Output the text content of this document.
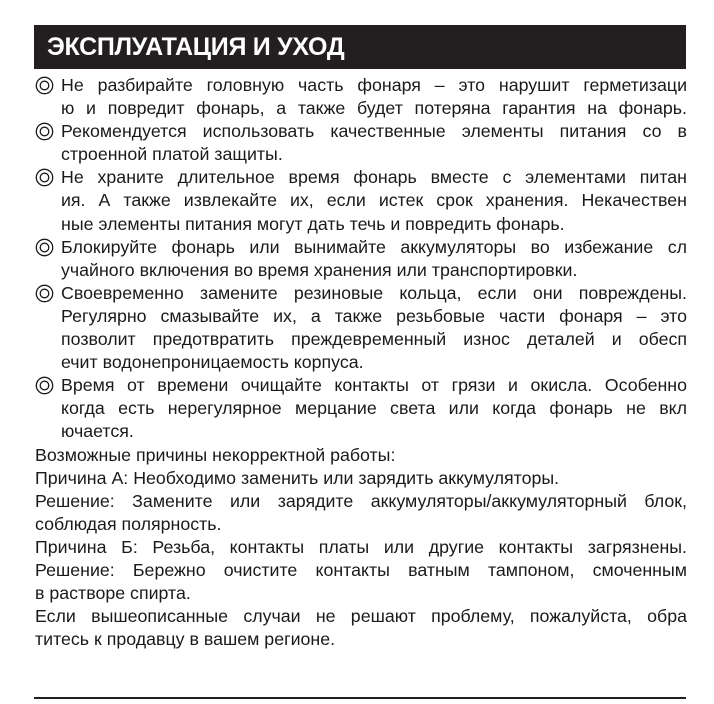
ЭКСПЛУАТАЦИЯ И УХОД
Не разбирайте головную часть фонаря – это нарушит герметизаци
ю и повредит фонарь, а также будет потеряна гарантия на фонарь.
Рекомендуется использовать качественные элементы питания со в
строенной платой защиты.
Не храните длительное время фонарь вместе с элементами питан
ия. А также извлекайте их, если истек срок хранения. Некачествен
ные элементы питания могут дать течь и повредить фонарь.
Блокируйте фонарь или вынимайте аккумуляторы во избежание сл
учайного включения во время хранения или транспортировки.
Своевременно замените резиновые кольца, если они повреждены.
Регулярно смазывайте их, а также резьбовые части фонаря – это
позволит предотвратить преждевременный износ деталей и обесп
ечит водонепроницаемость корпуса.
Время от времени очищайте контакты от грязи и окисла. Особенно
когда есть нерегулярное мерцание света или когда фонарь не вкл
ючается.
Возможные причины некорректной работы:
Причина А: Необходимо заменить или зарядить аккумуляторы.
Решение: Замените или зарядите аккумуляторы/аккумуляторный блок,
соблюдая полярность.
Причина Б: Резьба, контакты платы или другие контакты загрязнены.
Решение: Бережно очистите контакты ватным тампоном, смоченным
в растворе спирта.
Если вышеописанные случаи не решают проблему, пожалуйста, обра
титесь к продавцу в вашем регионе.
